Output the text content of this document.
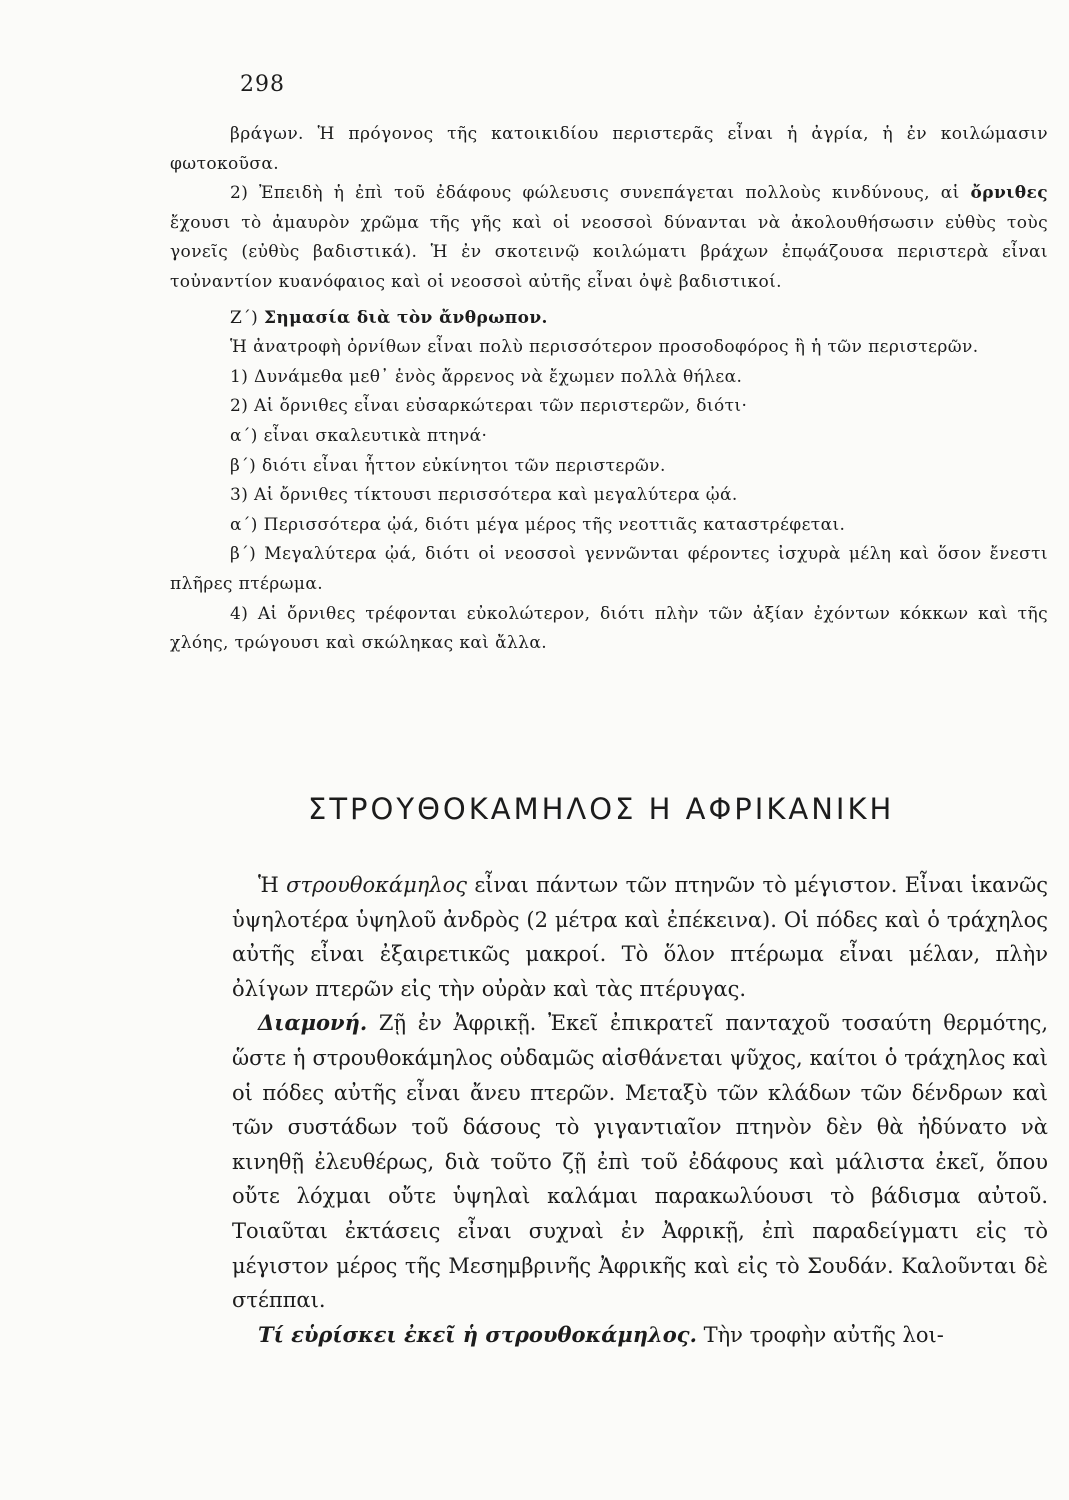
298

βράγων. Ἡ πρόγονος τῆς κατοικιδίου περιστερᾶς εἶναι ἡ ἀγρία, ἡ ἐν κοιλώμασιν φωτοκοῦσα.

2) Ἐπειδὴ ἡ ἐπὶ τοῦ ἐδάφους φώλευσις συνεπάγεται πολλοὺς κινδύνους, αἱ ὄρνιθες ἔχουσι τὸ ἀμαυρὸν χρῶμα τῆς γῆς καὶ οἱ νεοσσοὶ δύνανται νὰ ἀκολουθήσωσιν εὐθὺς τοὺς γονεῖς (εὐθὺς βαδιστικά). Ἡ ἐν σκοτεινῷ κοιλώματι βράχων ἐπῳάζουσα περιστερὰ εἶναι τοὐναντίον κυανόφαιος καὶ οἱ νεοσσοὶ αὐτῆς εἶναι ὀψὲ βαδιστικοί.

Ζ΄) Σημασία διὰ τὸν ἄνθρωπον.

Ἡ ἀνατροφὴ ὀρνίθων εἶναι πολὺ περισσότερον προσοδοφόρος ἢ ἡ τῶν περιστερῶν.

1) Δυνάμεθα μεθ᾽ ἑνὸς ἄρρενος νὰ ἔχωμεν πολλὰ θήλεα.

2) Αἱ ὄρνιθες εἶναι εὐσαρκώτεραι τῶν περιστερῶν, διότι·

α΄) εἶναι σκαλευτικὰ πτηνά·

β΄) διότι εἶναι ἧττον εὐκίνητοι τῶν περιστερῶν.

3) Αἱ ὄρνιθες τίκτουσι περισσότερα καὶ μεγαλύτερα ᾠά.

α΄) Περισσότερα ᾠά, διότι μέγα μέρος τῆς νεοττιᾶς καταστρέφεται.

β΄) Μεγαλύτερα ᾠά, διότι οἱ νεοσσοὶ γεννῶνται φέροντες ἰσχυρὰ μέλη καὶ ὅσον ἔνεστι πλῆρες πτέρωμα.

4) Αἱ ὄρνιθες τρέφονται εὐκολώτερον, διότι πλὴν τῶν ἀξίαν ἐχόντων κόκκων καὶ τῆς χλόης, τρώγουσι καὶ σκώληκας καὶ ἄλλα.

ΣΤΡΟΥΘΟΚΑΜΗΛΟΣ Η ΑΦΡΙΚΑΝΙΚΗ

Ἡ στρουθοκάμηλος εἶναι πάντων τῶν πτηνῶν τὸ μέγιστον. Εἶναι ἱκανῶς ὑψηλοτέρα ὑψηλοῦ ἀνδρὸς (2 μέτρα καὶ ἐπέκεινα). Οἱ πόδες καὶ ὁ τράχηλος αὐτῆς εἶναι ἐξαιρετικῶς μακροί. Τὸ ὅλον πτέρωμα εἶναι μέλαν, πλὴν ὀλίγων πτερῶν εἰς τὴν οὐρὰν καὶ τὰς πτέρυγας.

Διαμονή. Ζῇ ἐν Ἀφρικῇ. Ἐκεῖ ἐπικρατεῖ πανταχοῦ τοσαύτη θερμότης, ὥστε ἡ στρουθοκάμηλος οὐδαμῶς αἰσθάνεται ψῦχος, καίτοι ὁ τράχηλος καὶ οἱ πόδες αὐτῆς εἶναι ἄνευ πτερῶν. Μεταξὺ τῶν κλάδων τῶν δένδρων καὶ τῶν συστάδων τοῦ δάσους τὸ γιγαντιαῖον πτηνὸν δὲν θὰ ἠδύνατο νὰ κινηθῇ ἐλευθέρως, διὰ τοῦτο ζῇ ἐπὶ τοῦ ἐδάφους καὶ μάλιστα ἐκεῖ, ὅπου οὔτε λόχμαι οὔτε ὑψηλαὶ καλάμαι παρακωλύουσι τὸ βάδισμα αὐτοῦ. Τοιαῦται ἐκτάσεις εἶναι συχναὶ ἐν Ἀφρικῇ, ἐπὶ παραδείγματι εἰς τὸ μέγιστον μέρος τῆς Μεσημβρινῆς Ἀφρικῆς καὶ εἰς τὸ Σουδάν. Καλοῦνται δὲ στέππαι.

Τί εὑρίσκει ἐκεῖ ἡ στρουθοκάμηλος. Τὴν τροφὴν αὐτῆς λοι-
